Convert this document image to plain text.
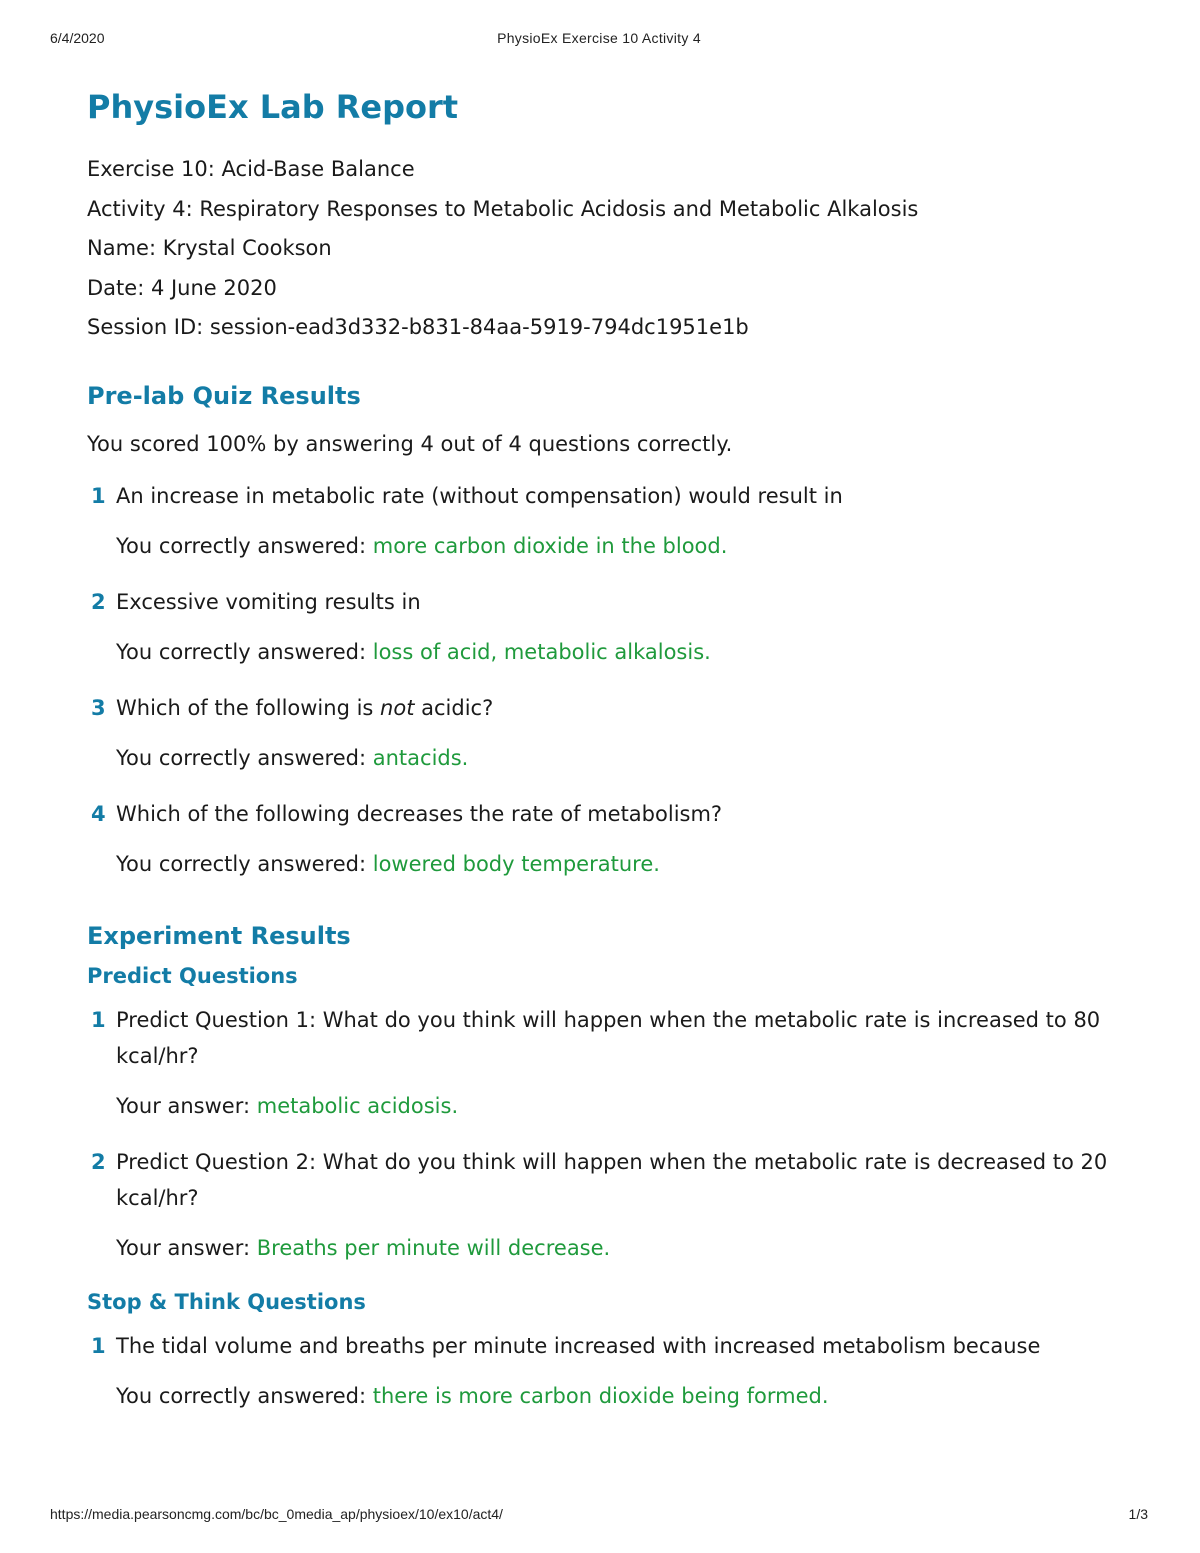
6/4/2020	PhysioEx Exercise 10 Activity 4
PhysioEx Lab Report
Exercise 10: Acid-Base Balance
Activity 4: Respiratory Responses to Metabolic Acidosis and Metabolic Alkalosis
Name: Krystal Cookson
Date: 4 June 2020
Session ID: session-ead3d332-b831-84aa-5919-794dc1951e1b
Pre-lab Quiz Results
You scored 100% by answering 4 out of 4 questions correctly.
1 An increase in metabolic rate (without compensation) would result in
You correctly answered: more carbon dioxide in the blood.
2 Excessive vomiting results in
You correctly answered: loss of acid, metabolic alkalosis.
3 Which of the following is not acidic?
You correctly answered: antacids.
4 Which of the following decreases the rate of metabolism?
You correctly answered: lowered body temperature.
Experiment Results
Predict Questions
1 Predict Question 1: What do you think will happen when the metabolic rate is increased to 80 kcal/hr?
Your answer: metabolic acidosis.
2 Predict Question 2: What do you think will happen when the metabolic rate is decreased to 20 kcal/hr?
Your answer: Breaths per minute will decrease.
Stop & Think Questions
1 The tidal volume and breaths per minute increased with increased metabolism because
You correctly answered: there is more carbon dioxide being formed.
https://media.pearsoncmg.com/bc/bc_0media_ap/physioex/10/ex10/act4/	1/3
